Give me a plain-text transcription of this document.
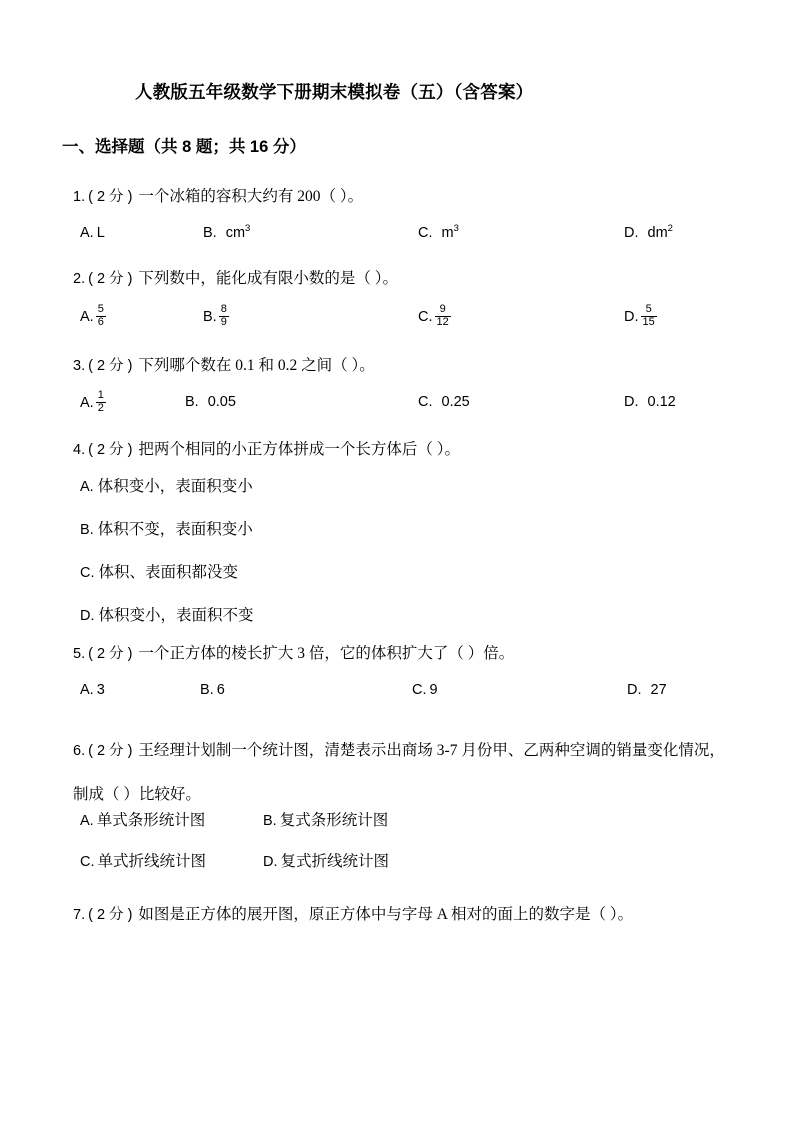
人教版五年级数学下册期末模拟卷（五）（含答案）
一、选择题（共 8 题；共 16 分）
1. ( 2 分 ) 一个冰箱的容积大约有 200（ ）。
A. L	B. $cm^3$	C. $m^3$	D. $dm^2$
2. ( 2 分 ) 下列数中，能化成有限小数的是（ ）。
A. $\frac{5}{6}$	B. $\frac{8}{9}$	C. $\frac{9}{12}$	D. $\frac{5}{15}$
3. ( 2 分 ) 下列哪个数在 0.1 和 0.2 之间（ ）。
A. $\frac{1}{2}$	B. 0.05	C. 0.25	D. 0.12
4. ( 2 分 ) 把两个相同的小正方体拼成一个长方体后（ ）。
A. 体积变小，表面积变小
B. 体积不变，表面积变小
C. 体积、表面积都没变
D. 体积变小，表面积不变
5. ( 2 分 ) 一个正方体的棱长扩大 3 倍，它的体积扩大了（ ）倍。
A. 3	B. 6	C. 9	D. 27
6. ( 2 分 ) 王经理计划制一个统计图，清楚表示出商场 3-7 月份甲、乙两种空调的销量变化情况，制成（ ）比较好。
A. 单式条形统计图	B. 复式条形统计图
C. 单式折线统计图	D. 复式折线统计图
7. ( 2 分 ) 如图是正方体的展开图，原正方体中与字母 A 相对的面上的数字是（ ）。
